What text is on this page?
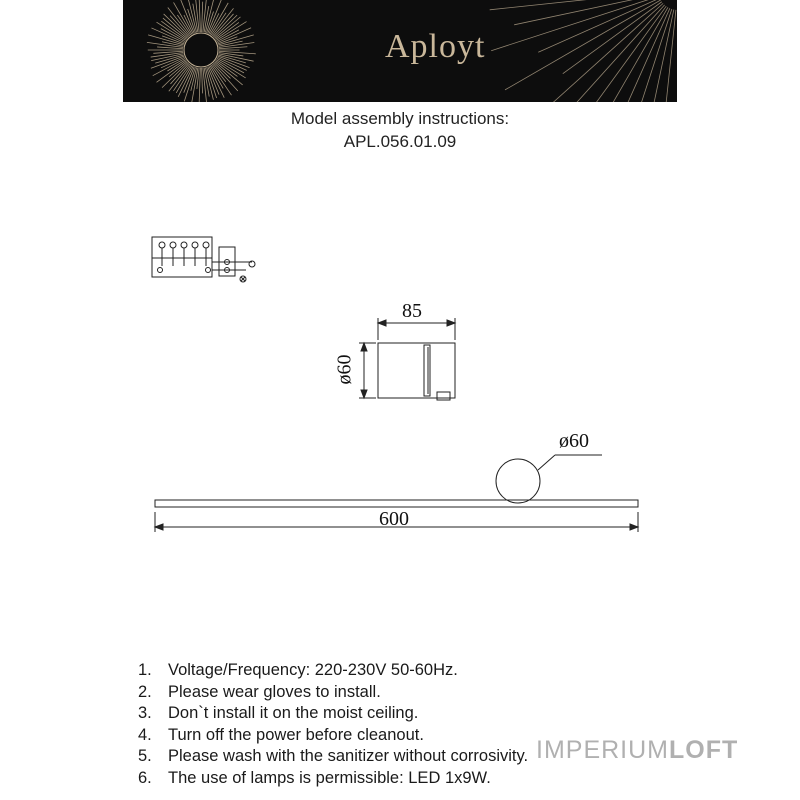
Aployt
Model assembly instructions:
APL.056.01.09
85
ø60
ø60
600
1. Voltage/Frequency: 220-230V 50-60Hz.
2. Please wear gloves to install.
3. Don`t install it on the moist ceiling.
4. Turn off the power before cleanout.
5. Please wash with the sanitizer without corrosivity.
6. The use of lamps is permissible: LED 1x9W.
IMPERIUMLOFT
